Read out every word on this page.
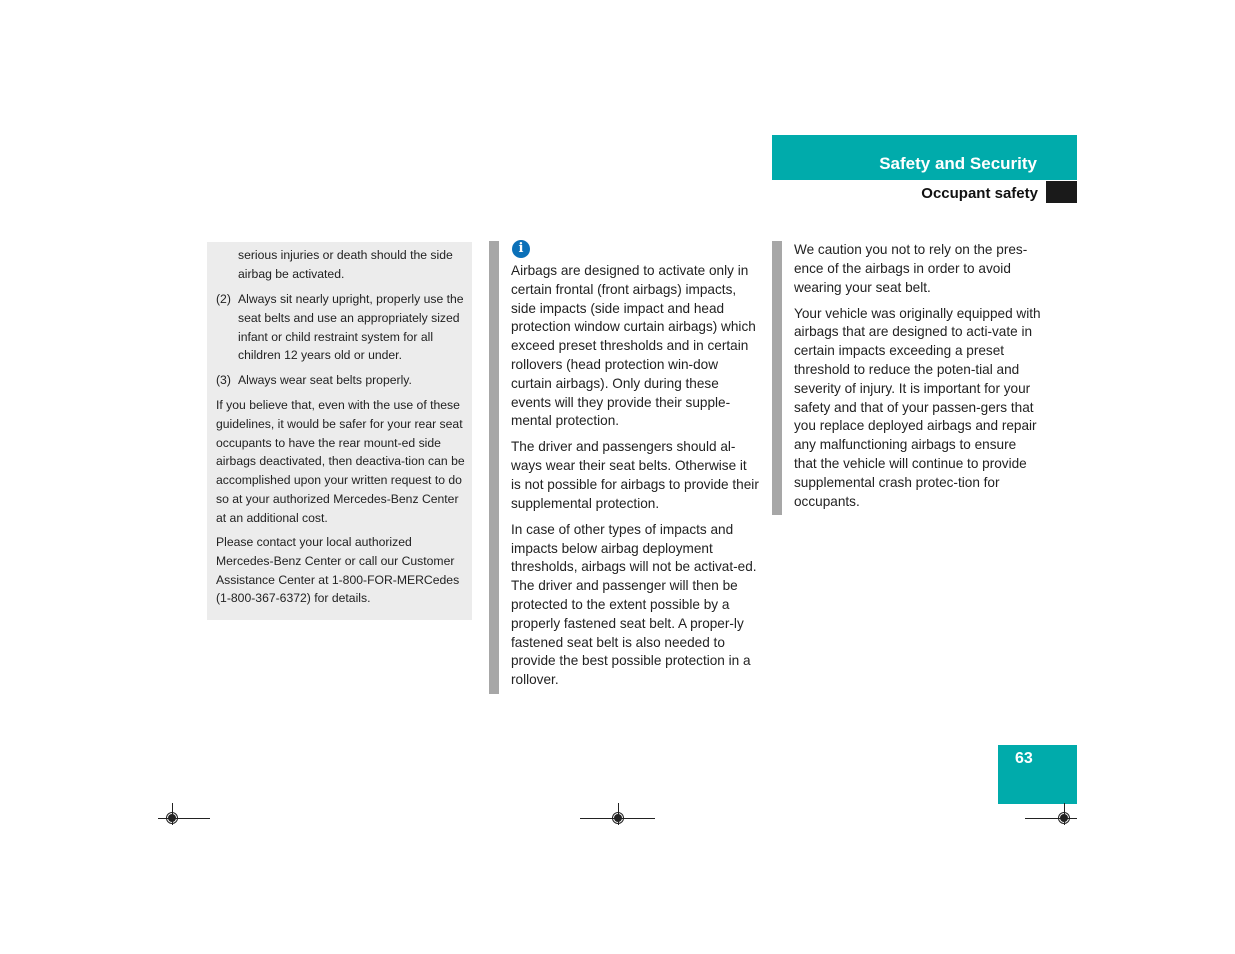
Safety and Security
Occupant safety

serious injuries or death should the side airbag be activated.

(2) Always sit nearly upright, properly use the seat belts and use an appropriately sized infant or child restraint system for all children 12 years old or under.

(3) Always wear seat belts properly.

If you believe that, even with the use of these guidelines, it would be safer for your rear seat occupants to have the rear mount-ed side airbags deactivated, then deactiva-tion can be accomplished upon your written request to do so at your authorized Mercedes-Benz Center at an additional cost.

Please contact your local authorized Mercedes-Benz Center or call our Customer Assistance Center at 1-800-FOR-MERCedes (1-800-367-6372) for details.

i

Airbags are designed to activate only in certain frontal (front airbags) impacts, side impacts (side impact and head protection window curtain airbags) which exceed preset thresholds and in certain rollovers (head protection win-dow curtain airbags). Only during these events will they provide their supple-mental protection.

The driver and passengers should al-ways wear their seat belts. Otherwise it is not possible for airbags to provide their supplemental protection.

In case of other types of impacts and impacts below airbag deployment thresholds, airbags will not be activat-ed. The driver and passenger will then be protected to the extent possible by a properly fastened seat belt. A proper-ly fastened seat belt is also needed to provide the best possible protection in a rollover.

We caution you not to rely on the pres-ence of the airbags in order to avoid wearing your seat belt.

Your vehicle was originally equipped with airbags that are designed to acti-vate in certain impacts exceeding a preset threshold to reduce the poten-tial and severity of injury. It is important for your safety and that of your passen-gers that you replace deployed airbags and repair any malfunctioning airbags to ensure that the vehicle will continue to provide supplemental crash protec-tion for occupants.

63
